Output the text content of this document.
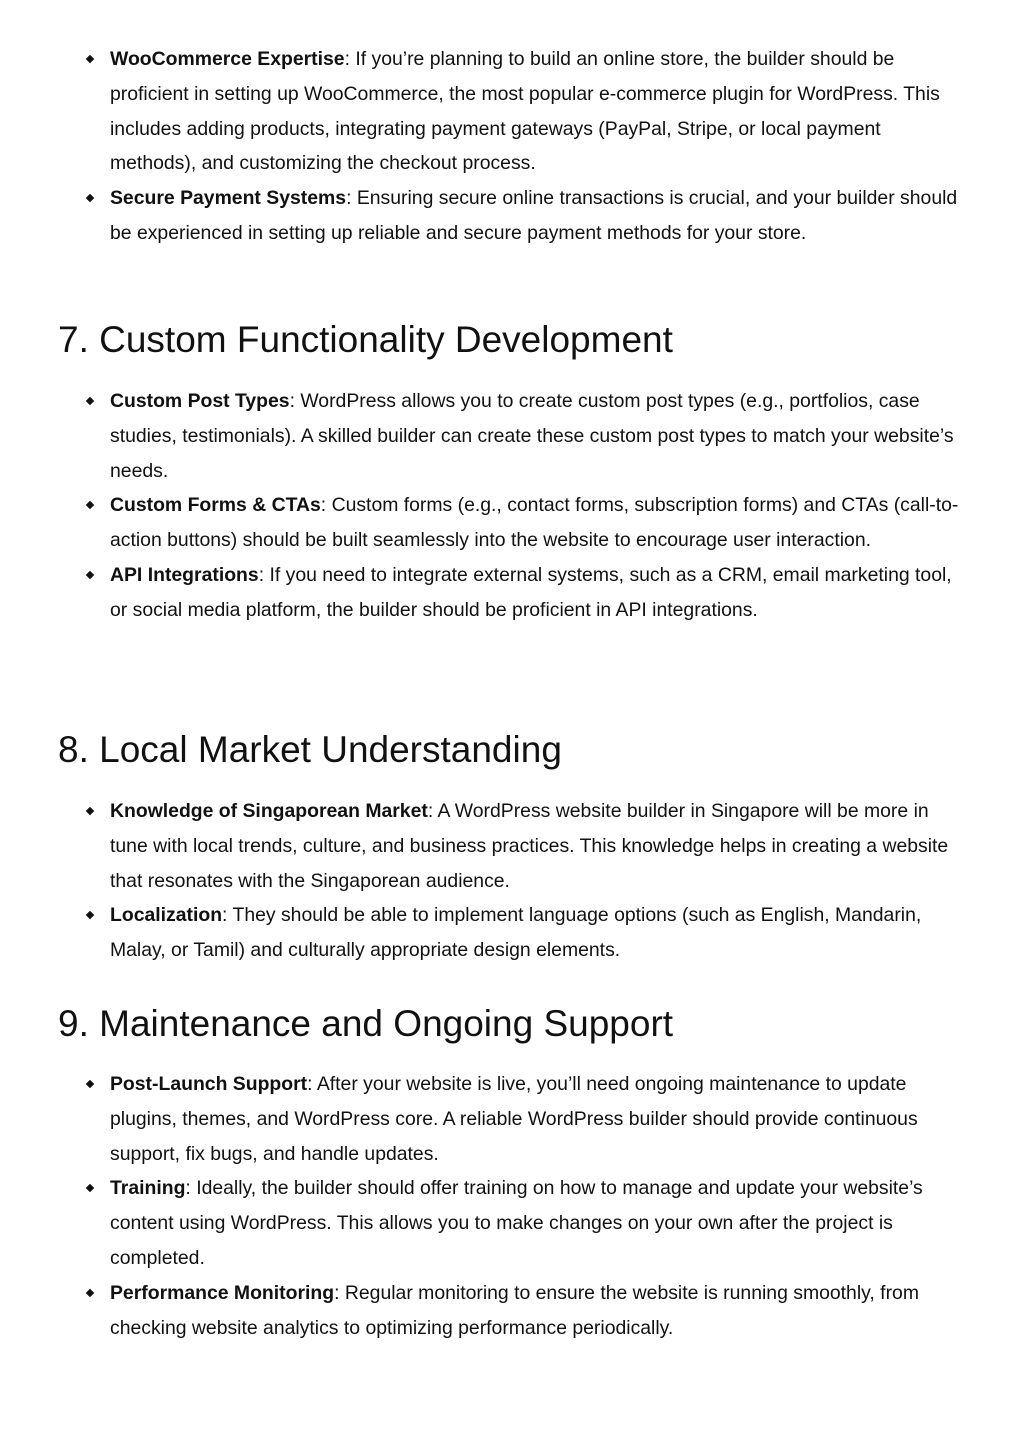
WooCommerce Expertise: If you’re planning to build an online store, the builder should be proficient in setting up WooCommerce, the most popular e-commerce plugin for WordPress. This includes adding products, integrating payment gateways (PayPal, Stripe, or local payment methods), and customizing the checkout process.
Secure Payment Systems: Ensuring secure online transactions is crucial, and your builder should be experienced in setting up reliable and secure payment methods for your store.
7. Custom Functionality Development
Custom Post Types: WordPress allows you to create custom post types (e.g., portfolios, case studies, testimonials). A skilled builder can create these custom post types to match your website’s needs.
Custom Forms & CTAs: Custom forms (e.g., contact forms, subscription forms) and CTAs (call-to-action buttons) should be built seamlessly into the website to encourage user interaction.
API Integrations: If you need to integrate external systems, such as a CRM, email marketing tool, or social media platform, the builder should be proficient in API integrations.
8. Local Market Understanding
Knowledge of Singaporean Market: A WordPress website builder in Singapore will be more in tune with local trends, culture, and business practices. This knowledge helps in creating a website that resonates with the Singaporean audience.
Localization: They should be able to implement language options (such as English, Mandarin, Malay, or Tamil) and culturally appropriate design elements.
9. Maintenance and Ongoing Support
Post-Launch Support: After your website is live, you’ll need ongoing maintenance to update plugins, themes, and WordPress core. A reliable WordPress builder should provide continuous support, fix bugs, and handle updates.
Training: Ideally, the builder should offer training on how to manage and update your website’s content using WordPress. This allows you to make changes on your own after the project is completed.
Performance Monitoring: Regular monitoring to ensure the website is running smoothly, from checking website analytics to optimizing performance periodically.
